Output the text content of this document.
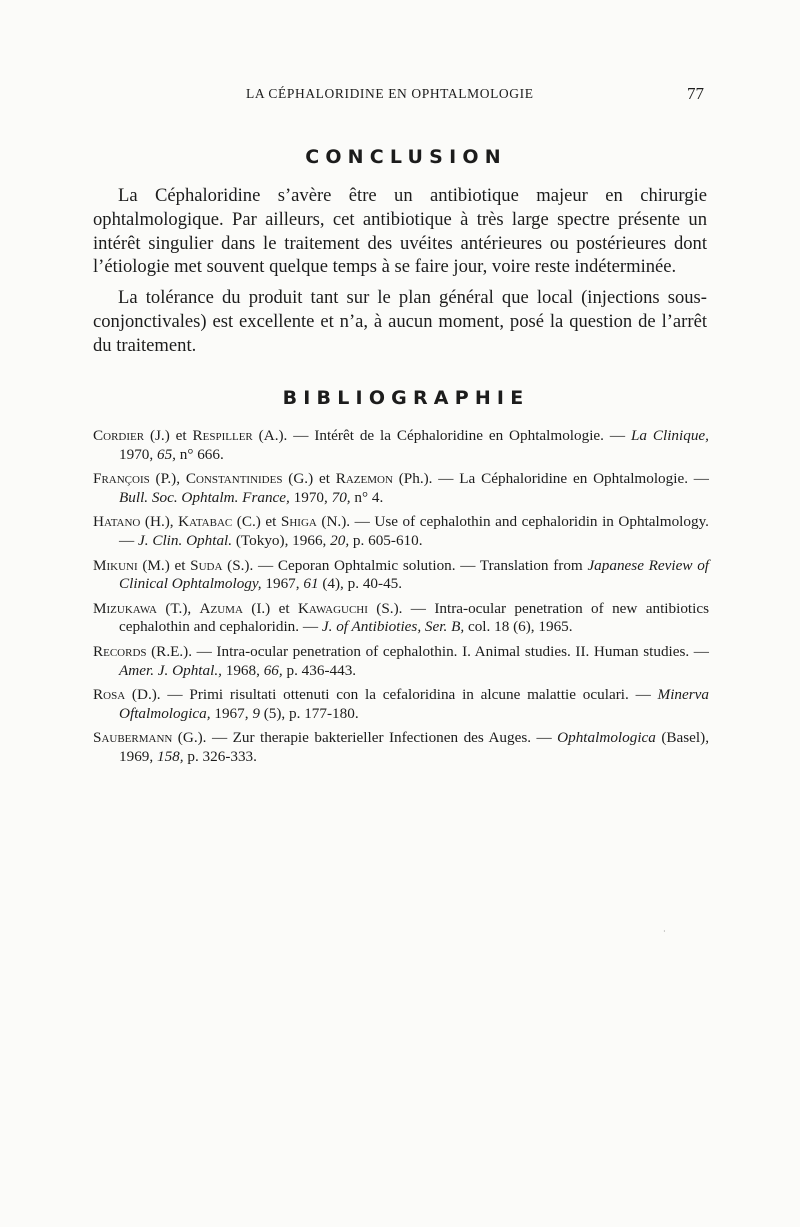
LA CÉPHALORIDINE EN OPHTALMOLOGIE	77
CONCLUSION

La Céphaloridine s’avère être un antibiotique majeur en chirurgie ophtalmologique. Par ailleurs, cet antibiotique à très large spectre présente un intérêt singulier dans le traitement des uvéites antérieures ou postérieures dont l’étiologie met souvent quelque temps à se faire jour, voire reste indéterminée.

La tolérance du produit tant sur le plan général que local (injections sous-conjonctivales) est excellente et n’a, à aucun moment, posé la question de l’arrêt du traitement.

BIBLIOGRAPHIE

Cordier (J.) et Respiller (A.). — Intérêt de la Céphaloridine en Ophtalmologie. — La Clinique, 1970, 65, n° 666.

François (P.), Constantinides (G.) et Razemon (Ph.). — La Céphaloridine en Ophtalmologie. — Bull. Soc. Ophtalm. France, 1970, 70, n° 4.

Hatano (H.), Katabac (C.) et Shiga (N.). — Use of cephalothin and cephaloridin in Ophtalmology. — J. Clin. Ophtal. (Tokyo), 1966, 20, p. 605-610.

Mikuni (M.) et Suda (S.). — Ceporan Ophtalmic solution. — Translation from Japanese Review of Clinical Ophtalmology, 1967, 61 (4), p. 40-45.

Mizukawa (T.), Azuma (I.) et Kawaguchi (S.). — Intra-ocular penetration of new antibiotics cephalothin and cephaloridin. — J. of Antibioties, Ser. B, col. 18 (6), 1965.

Records (R.E.). — Intra-ocular penetration of cephalothin. I. Animal studies. II. Human studies. — Amer. J. Ophtal., 1968, 66, p. 436-443.

Rosa (D.). — Primi risultati ottenuti con la cefaloridina in alcune malattie oculari. — Minerva Oftalmologica, 1967, 9 (5), p. 177-180.

Saubermann (G.). — Zur therapie bakterieller Infectionen des Auges. — Ophtalmologica (Basel), 1969, 158, p. 326-333.

·
